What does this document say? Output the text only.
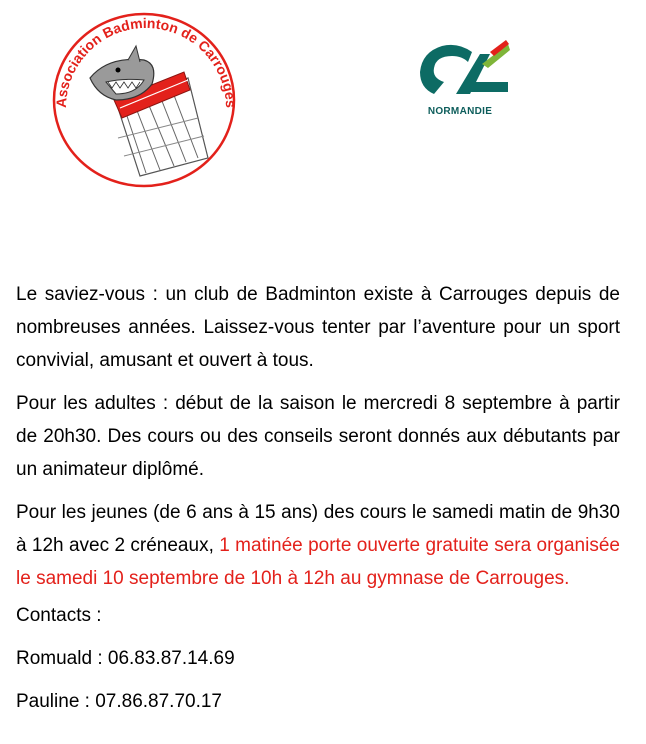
Association Badminton de Carrouges
NORMANDIE

Le saviez-vous : un club de Badminton existe à Carrouges depuis de nombreuses années. Laissez-vous tenter par l’aventure pour un sport convivial, amusant et ouvert à tous.

Pour les adultes : début de la saison le mercredi 8 septembre à partir de 20h30. Des cours ou des conseils seront donnés aux débutants par un animateur diplômé.

Pour les jeunes (de 6 ans à 15 ans) des cours le samedi matin de 9h30 à 12h avec 2 créneaux, 1 matinée porte ouverte gratuite sera organisée le samedi 10 septembre de 10h à 12h au gymnase de Carrouges.

Contacts :

Romuald : 06.83.87.14.69

Pauline : 07.86.87.70.17
